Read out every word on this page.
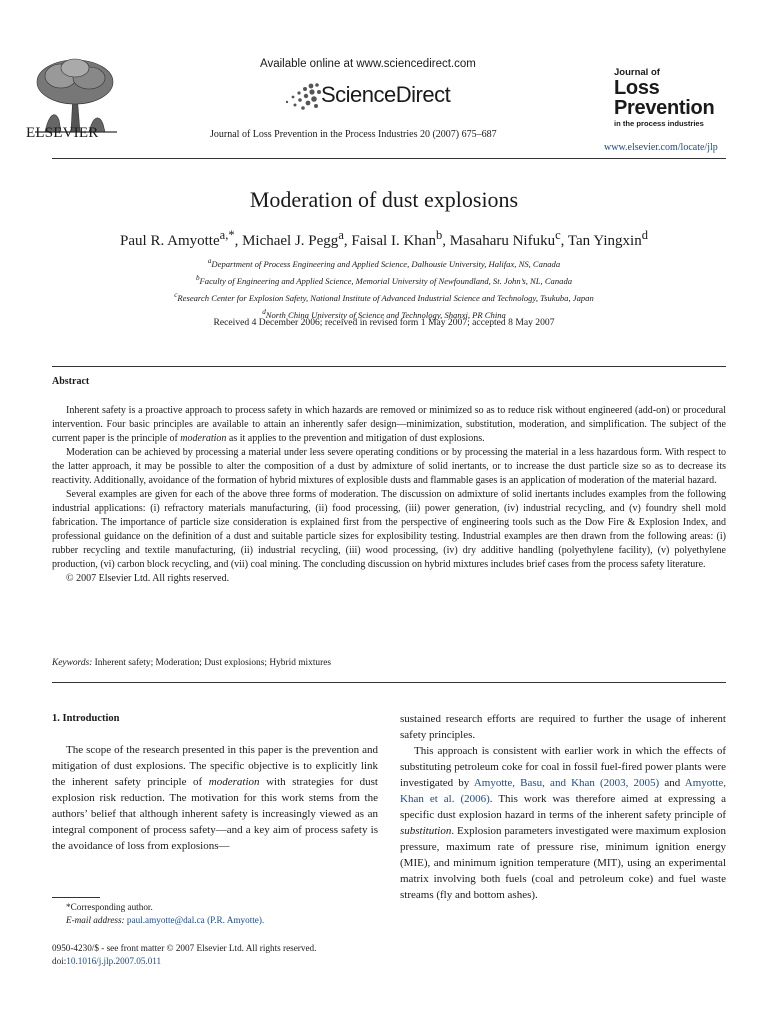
ELSEVIER
Available online at www.sciencedirect.com
ScienceDirect
Journal of Loss Prevention in the Process Industries 20 (2007) 675–687
Journal of
Loss
Prevention
in the process industries
www.elsevier.com/locate/jlp
Moderation of dust explosions
Paul R. Amyotte$^{a,*}$, Michael J. Pegg$^a$, Faisal I. Khan$^b$, Masaharu Nifuku$^c$, Tan Yingxin$^d$
$^a$Department of Process Engineering and Applied Science, Dalhousie University, Halifax, NS, Canada
$^b$Faculty of Engineering and Applied Science, Memorial University of Newfoundland, St. John’s, NL, Canada
$^c$Research Center for Explosion Safety, National Institute of Advanced Industrial Science and Technology, Tsukuba, Japan
$^d$North China University of Science and Technology, Shanxi, PR China
Received 4 December 2006; received in revised form 1 May 2007; accepted 8 May 2007
Abstract

Inherent safety is a proactive approach to process safety in which hazards are removed or minimized so as to reduce risk without engineered (add-on) or procedural intervention. Four basic principles are available to attain an inherently safer design—minimization, substitution, moderation, and simplification. The subject of the current paper is the principle of moderation as it applies to the prevention and mitigation of dust explosions.

Moderation can be achieved by processing a material under less severe operating conditions or by processing the material in a less hazardous form. With respect to the latter approach, it may be possible to alter the composition of a dust by admixture of solid inertants, or to increase the dust particle size so as to decrease its reactivity. Additionally, avoidance of the formation of hybrid mixtures of explosible dusts and flammable gases is an application of moderation of the material hazard.

Several examples are given for each of the above three forms of moderation. The discussion on admixture of solid inertants includes examples from the following industrial applications: (i) refractory materials manufacturing, (ii) food processing, (iii) power generation, (iv) industrial recycling, and (v) foundry shell mold fabrication. The importance of particle size consideration is explained first from the perspective of engineering tools such as the Dow Fire & Explosion Index, and professional guidance on the definition of a dust and suitable particle sizes for explosibility testing. Industrial examples are then drawn from the following areas: (i) rubber recycling and textile manufacturing, (ii) industrial recycling, (iii) wood processing, (iv) dry additive handling (polyethylene facility), (v) polyethylene production, (vi) carbon block recycling, and (vii) coal mining. The concluding discussion on hybrid mixtures includes brief cases from the process safety literature.

© 2007 Elsevier Ltd. All rights reserved.

Keywords: Inherent safety; Moderation; Dust explosions; Hybrid mixtures
1. Introduction

The scope of the research presented in this paper is the prevention and mitigation of dust explosions. The specific objective is to explicitly link the inherent safety principle of moderation with strategies for dust explosion risk reduction. The motivation for this work stems from the authors’ belief that although inherent safety is increasingly viewed as an integral component of process safety—and a key aim of process safety is the avoidance of loss from explosions—

sustained research efforts are required to further the usage of inherent safety principles.

This approach is consistent with earlier work in which the effects of substituting petroleum coke for coal in fossil fuel-fired power plants were investigated by Amyotte, Basu, and Khan (2003, 2005) and Amyotte, Khan et al. (2006). This work was therefore aimed at expressing a specific dust explosion hazard in terms of the inherent safety principle of substitution. Explosion parameters investigated were maximum explosion pressure, maximum rate of pressure rise, minimum ignition energy (MIE), and minimum ignition temperature (MIT), using an experimental matrix involving both fuels (coal and petroleum coke) and fuel waste streams (fly and bottom ashes).

*Corresponding author.
E-mail address: paul.amyotte@dal.ca (P.R. Amyotte).
0950-4230/$ - see front matter © 2007 Elsevier Ltd. All rights reserved.
doi:10.1016/j.jlp.2007.05.011
